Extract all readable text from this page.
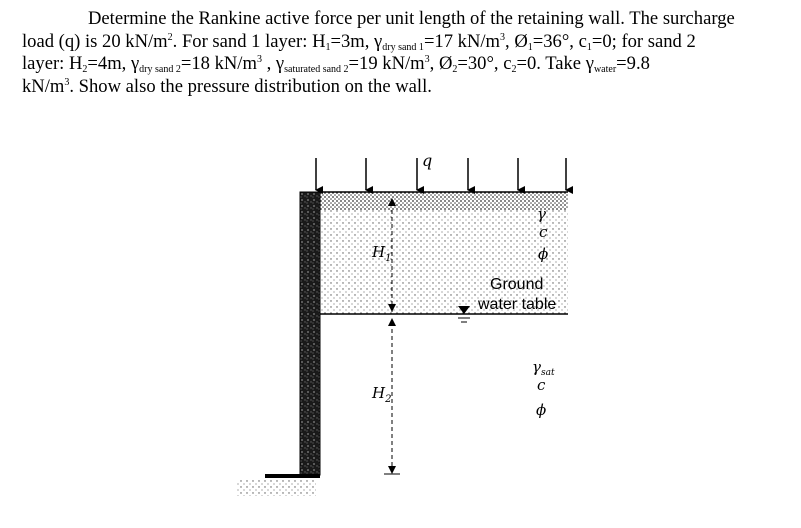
Determine the Rankine active force per unit length of the retaining wall. The surcharge
load (q) is 20 $kN/m^2$. For sand 1 layer: $H_1=3m$, $\gamma_{dry sand 1}=17$ $kN/m^3$, $Ø_1=36^\circ$, $c_1=0$; for sand 2
layer: $H_2=4m$, $\gamma_{dry sand 2}=18$ $kN/m^3$ , $\gamma_{saturated sand 2}=19$ $kN/m^3$, $Ø_2=30^\circ$, $c_2=0$. Take $\gamma_{water}=9.8$
$kN/m^3$. Show also the pressure distribution on the wall.
q
$H_1$
Ground
water table
$H_2$
γ
c
ϕ
$\gamma_{sat}$
c
ϕ
